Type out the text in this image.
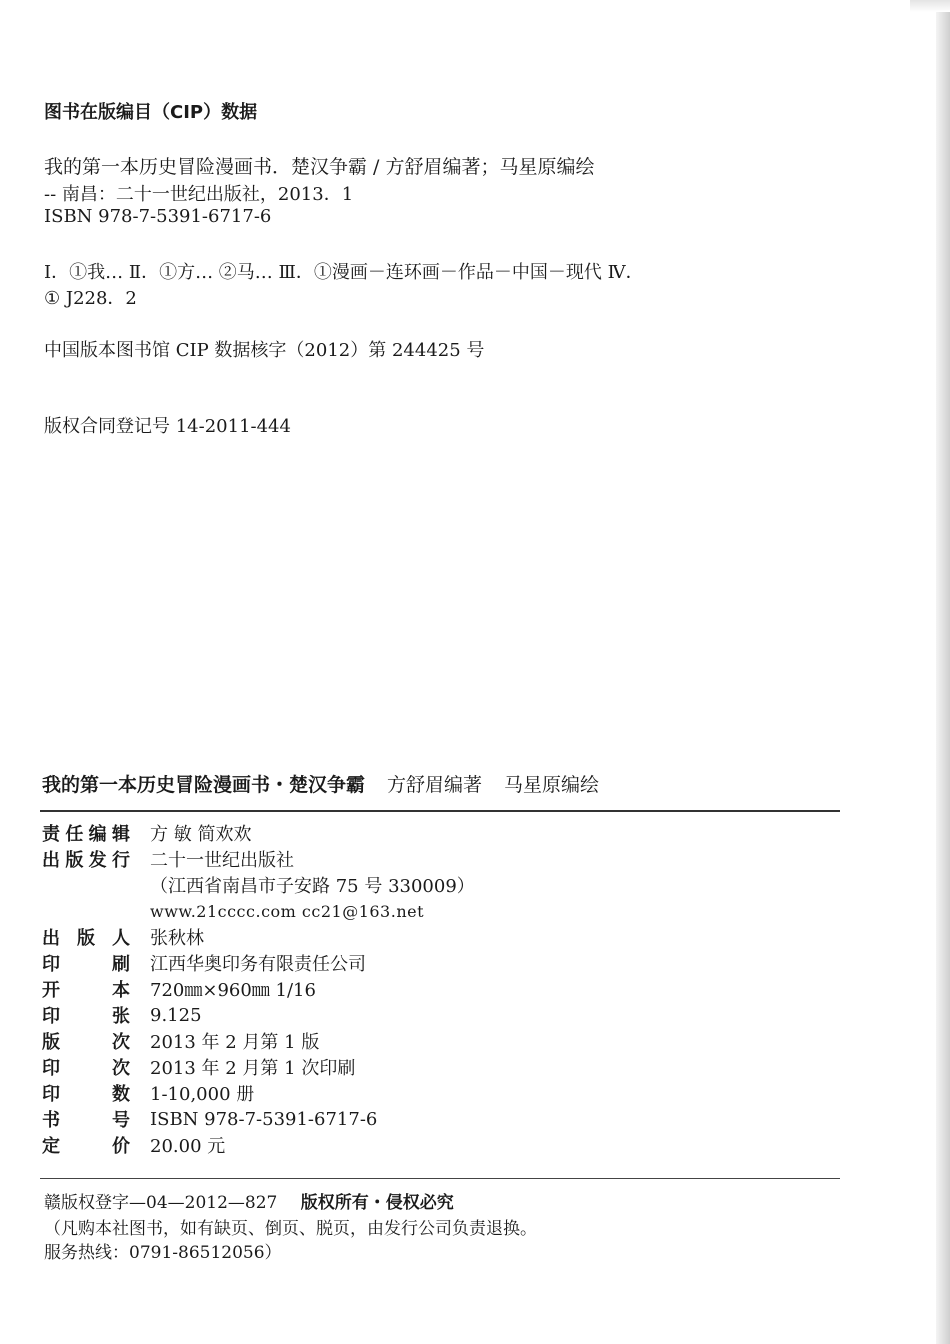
图书在版编目（CIP）数据
我的第一本历史冒险漫画书．楚汉争霸 / 方舒眉编著；马星原编绘
-- 南昌：二十一世纪出版社，2013．1
ISBN 978-7-5391-6717-6
Ⅰ．①我… Ⅱ．①方… ②马… Ⅲ．①漫画－连环画－作品－中国－现代 Ⅳ．
① J228．2
中国版本图书馆 CIP 数据核字（2012）第 244425 号
版权合同登记号 14-2011-444
我的第一本历史冒险漫画书・楚汉争霸 方舒眉编著 马星原编绘
责 任 编 辑 方 敏 简欢欢
出 版 发 行 二十一世纪出版社
（江西省南昌市子安路 75 号 330009）
www.21cccc.com cc21@163.net
出 版 人 张秋林
印	刷 江西华奥印务有限责任公司
开	本 720㎜×960㎜ 1/16
印	张 9.125
版	次 2013 年 2 月第 1 版
印	次 2013 年 2 月第 1 次印刷
印	数 1-10,000 册
书	号 ISBN 978-7-5391-6717-6
定	价 20.00 元
赣版权登字—04—2012—827 版权所有・侵权必究
（凡购本社图书，如有缺页、倒页、脱页，由发行公司负责退换。
服务热线：0791-86512056）
